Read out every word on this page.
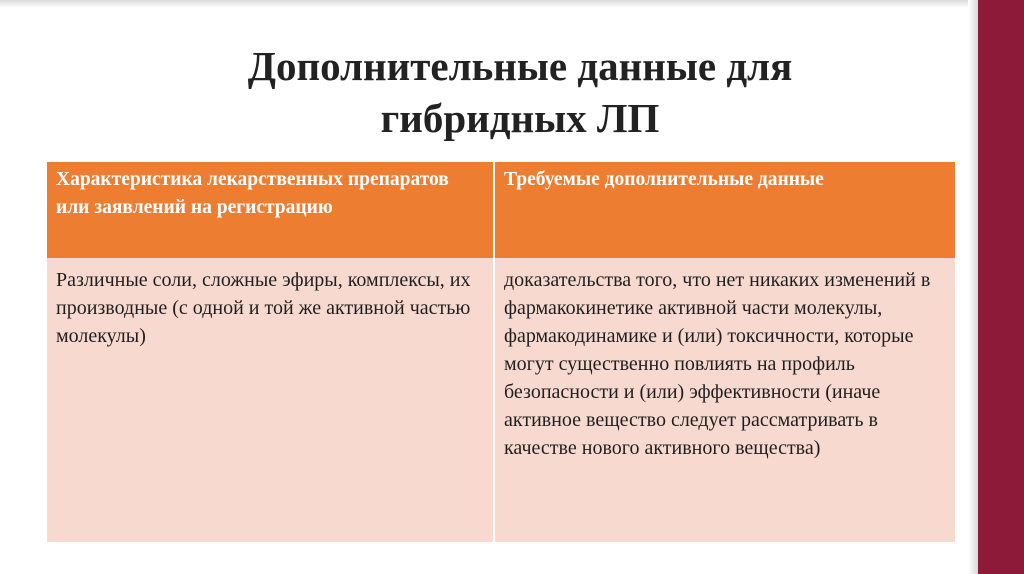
Дополнительные данные для
гибридных ЛП
Характеристика лекарственных препаратов или заявлений на регистрацию	Требуемые дополнительные данные
Различные соли, сложные эфиры, комплексы, их производные (с одной и той же активной частью молекулы)	доказательства того, что нет никаких изменений в фармакокинетике активной части молекулы, фармакодинамике и (или) токсичности, которые могут существенно повлиять на профиль безопасности и (или) эффективности (иначе активное вещество следует рассматривать в качестве нового активного вещества)
